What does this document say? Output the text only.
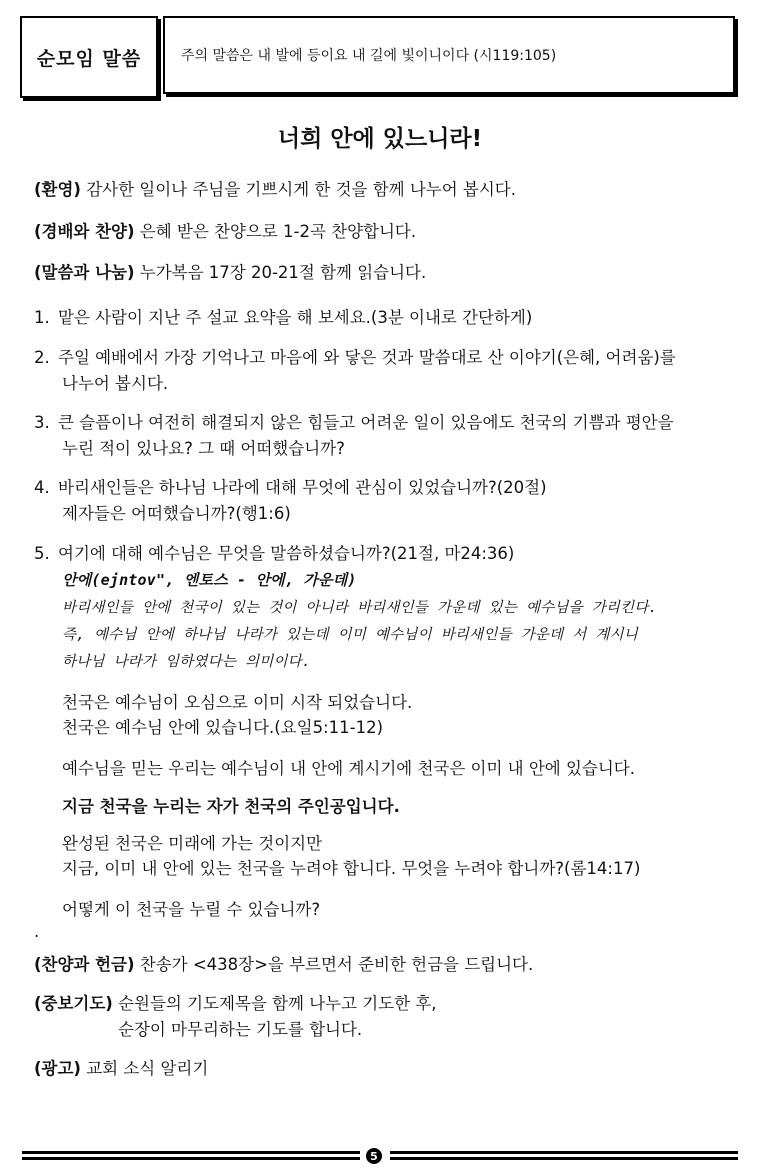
순모임 말씀	주의 말씀은 내 발에 등이요 내 길에 빛이니이다 (시119:105)
너희 안에 있느니라!
(환영) 감사한 일이나 주님을 기쁘시게 한 것을 함께 나누어 봅시다.
(경배와 찬양) 은혜 받은 찬양으로 1-2곡 찬양합니다.
(말씀과 나눔) 누가복음 17장 20-21절 함께 읽습니다.
1. 맡은 사람이 지난 주 설교 요약을 해 보세요.(3분 이내로 간단하게)
2. 주일 예배에서 가장 기억나고 마음에 와 닿은 것과 말씀대로 산 이야기(은혜, 어려움)를
나누어 봅시다.
3. 큰 슬픔이나 여전히 해결되지 않은 힘들고 어려운 일이 있음에도 천국의 기쁨과 평안을
누린 적이 있나요? 그 때 어떠했습니까?
4. 바리새인들은 하나님 나라에 대해 무엇에 관심이 있었습니까?(20절)
제자들은 어떠했습니까?(행1:6)
5. 여기에 대해 예수님은 무엇을 말씀하셨습니까?(21절, 마24:36)
안에(ejntov", 엔토스 - 안에, 가운데)
바리새인들 안에 천국이 있는 것이 아니라 바리새인들 가운데 있는 예수님을 가리킨다.
즉, 예수님 안에 하나님 나라가 있는데 이미 예수님이 바리새인들 가운데 서 계시니
하나님 나라가 임하였다는 의미이다.
천국은 예수님이 오심으로 이미 시작 되었습니다.
천국은 예수님 안에 있습니다.(요일5:11-12)
예수님을 믿는 우리는 예수님이 내 안에 계시기에 천국은 이미 내 안에 있습니다.
지금 천국을 누리는 자가 천국의 주인공입니다.
완성된 천국은 미래에 가는 것이지만
지금, 이미 내 안에 있는 천국을 누려야 합니다. 무엇을 누려야 합니까?(롬14:17)
어떻게 이 천국을 누릴 수 있습니까?
.
(찬양과 헌금) 찬송가 <438장>을 부르면서 준비한 헌금을 드립니다.
(중보기도) 순원들의 기도제목을 함께 나누고 기도한 후,
순장이 마무리하는 기도를 합니다.
(광고) 교회 소식 알리기
5
